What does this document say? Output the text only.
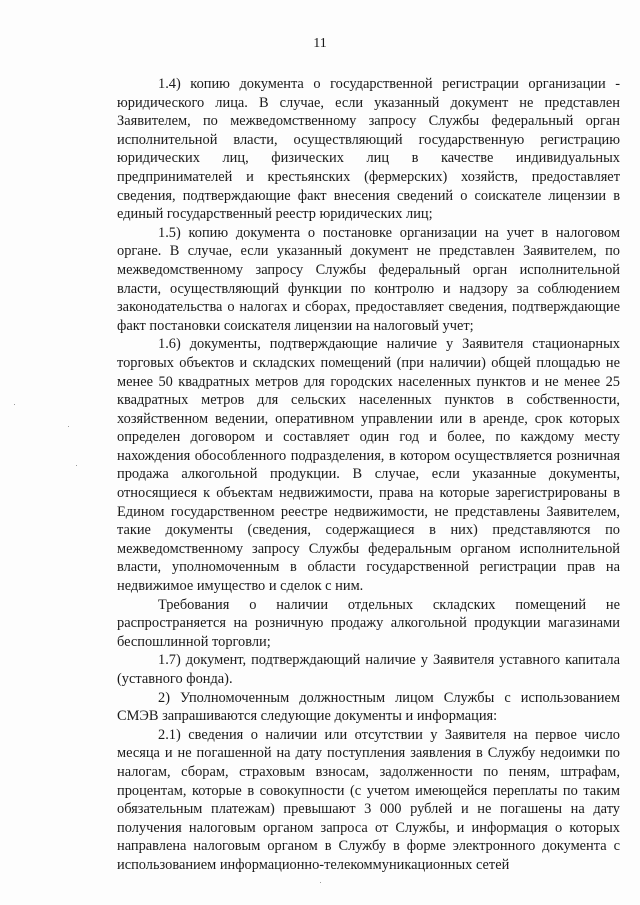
11

1.4) копию документа о государственной регистрации организации - юридического лица. В случае, если указанный документ не представлен Заявителем, по межведомственному запросу Службы федеральный орган исполнительной власти, осуществляющий государственную регистрацию юридических лиц, физических лиц в качестве индивидуальных предпринимателей и крестьянских (фермерских) хозяйств, предоставляет сведения, подтверждающие факт внесения сведений о соискателе лицензии в единый государственный реестр юридических лиц;

1.5) копию документа о постановке организации на учет в налоговом органе. В случае, если указанный документ не представлен Заявителем, по межведомственному запросу Службы федеральный орган исполнительной власти, осуществляющий функции по контролю и надзору за соблюдением законодательства о налогах и сборах, предоставляет сведения, подтверждающие факт постановки соискателя лицензии на налоговый учет;

1.6) документы, подтверждающие наличие у Заявителя стационарных торговых объектов и складских помещений (при наличии) общей площадью не менее 50 квадратных метров для городских населенных пунктов и не менее 25 квадратных метров для сельских населенных пунктов в собственности, хозяйственном ведении, оперативном управлении или в аренде, срок которых определен договором и составляет один год и более, по каждому месту нахождения обособленного подразделения, в котором осуществляется розничная продажа алкогольной продукции. В случае, если указанные документы, относящиеся к объектам недвижимости, права на которые зарегистрированы в Едином государственном реестре недвижимости, не представлены Заявителем, такие документы (сведения, содержащиеся в них) представляются по межведомственному запросу Службы федеральным органом исполнительной власти, уполномоченным в области государственной регистрации прав на недвижимое имущество и сделок с ним.

Требования о наличии отдельных складских помещений не распространяется на розничную продажу алкогольной продукции магазинами беспошлинной торговли;

1.7) документ, подтверждающий наличие у Заявителя уставного капитала (уставного фонда).

2) Уполномоченным должностным лицом Службы с использованием СМЭВ запрашиваются следующие документы и информация:

2.1) сведения о наличии или отсутствии у Заявителя на первое число месяца и не погашенной на дату поступления заявления в Службу недоимки по налогам, сборам, страховым взносам, задолженности по пеням, штрафам, процентам, которые в совокупности (с учетом имеющейся переплаты по таким обязательным платежам) превышают 3 000 рублей и не погашены на дату получения налоговым органом запроса от Службы, и информация о которых направлена налоговым органом в Службу в форме электронного документа с использованием информационно-телекоммуникационных сетей
